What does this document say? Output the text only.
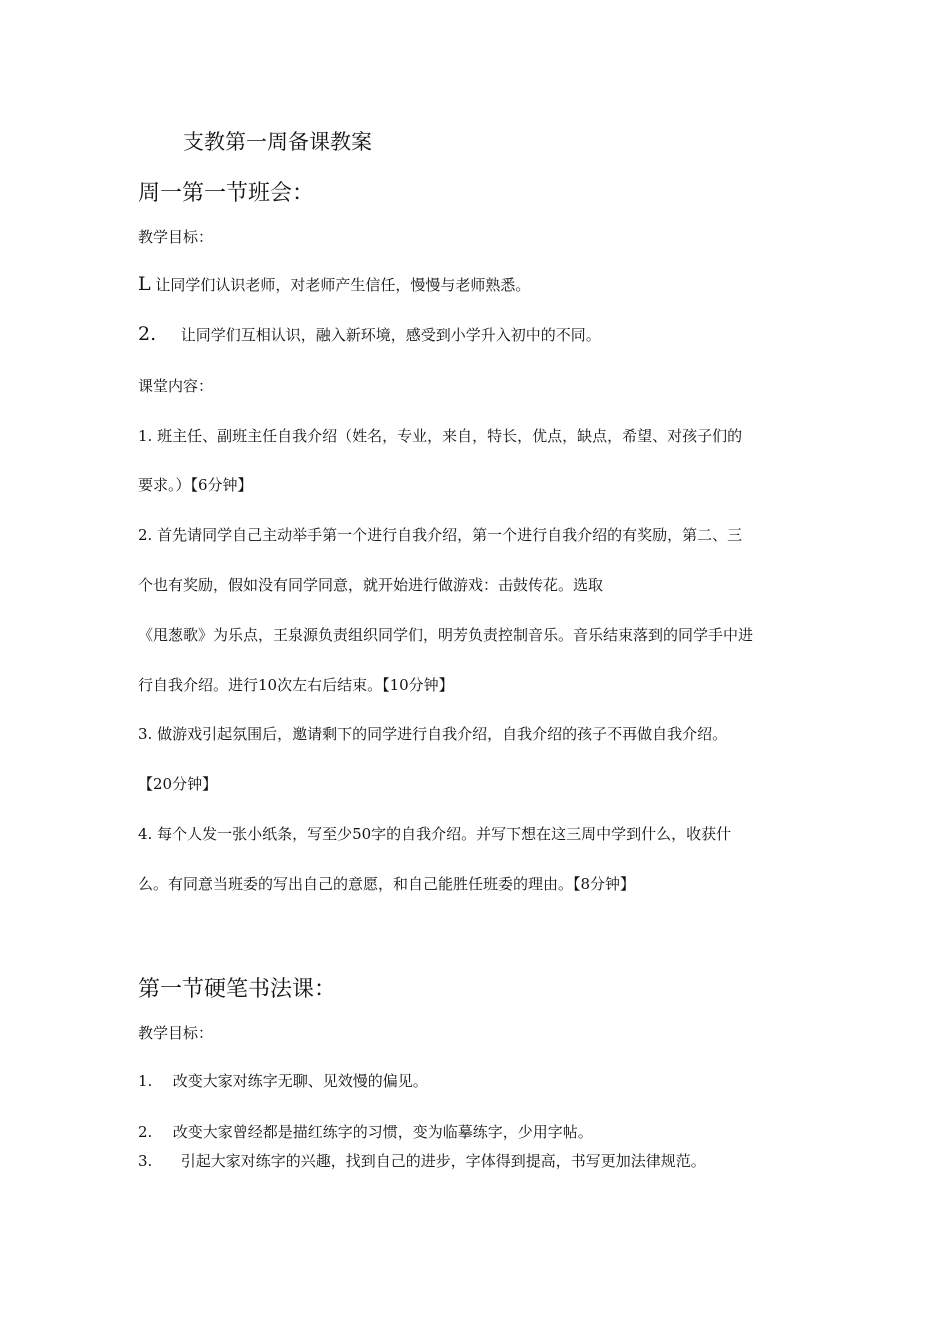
支教第一周备课教案
周一第一节班会：
教学目标：
L 让同学们认识老师，对老师产生信任，慢慢与老师熟悉。
2. 让同学们互相认识，融入新环境，感受到小学升入初中的不同。
课堂内容：
1. 班主任、副班主任自我介绍（姓名，专业，来自，特长，优点，缺点，希望、对孩子们的
要求。）【6分钟】
2. 首先请同学自己主动举手第一个进行自我介绍，第一个进行自我介绍的有奖励，第二、三
个也有奖励，假如没有同学同意，就开始进行做游戏：击鼓传花。选取
《甩葱歌》为乐点，王泉源负责组织同学们，明芳负责控制音乐。音乐结束落到的同学手中进
行自我介绍。进行10次左右后结束。【10分钟】
3. 做游戏引起氛围后，邀请剩下的同学进行自我介绍，自我介绍的孩子不再做自我介绍。
【20分钟】
4. 每个人发一张小纸条，写至少50字的自我介绍。并写下想在这三周中学到什么，收获什
么。有同意当班委的写出自己的意愿，和自己能胜任班委的理由。【8分钟】
第一节硬笔书法课：
教学目标：
1. 改变大家对练字无聊、见效慢的偏见。
2. 改变大家曾经都是描红练字的习惯，变为临摹练字，少用字帖。
3. 引起大家对练字的兴趣，找到自己的进步，字体得到提高，书写更加法律规范。
